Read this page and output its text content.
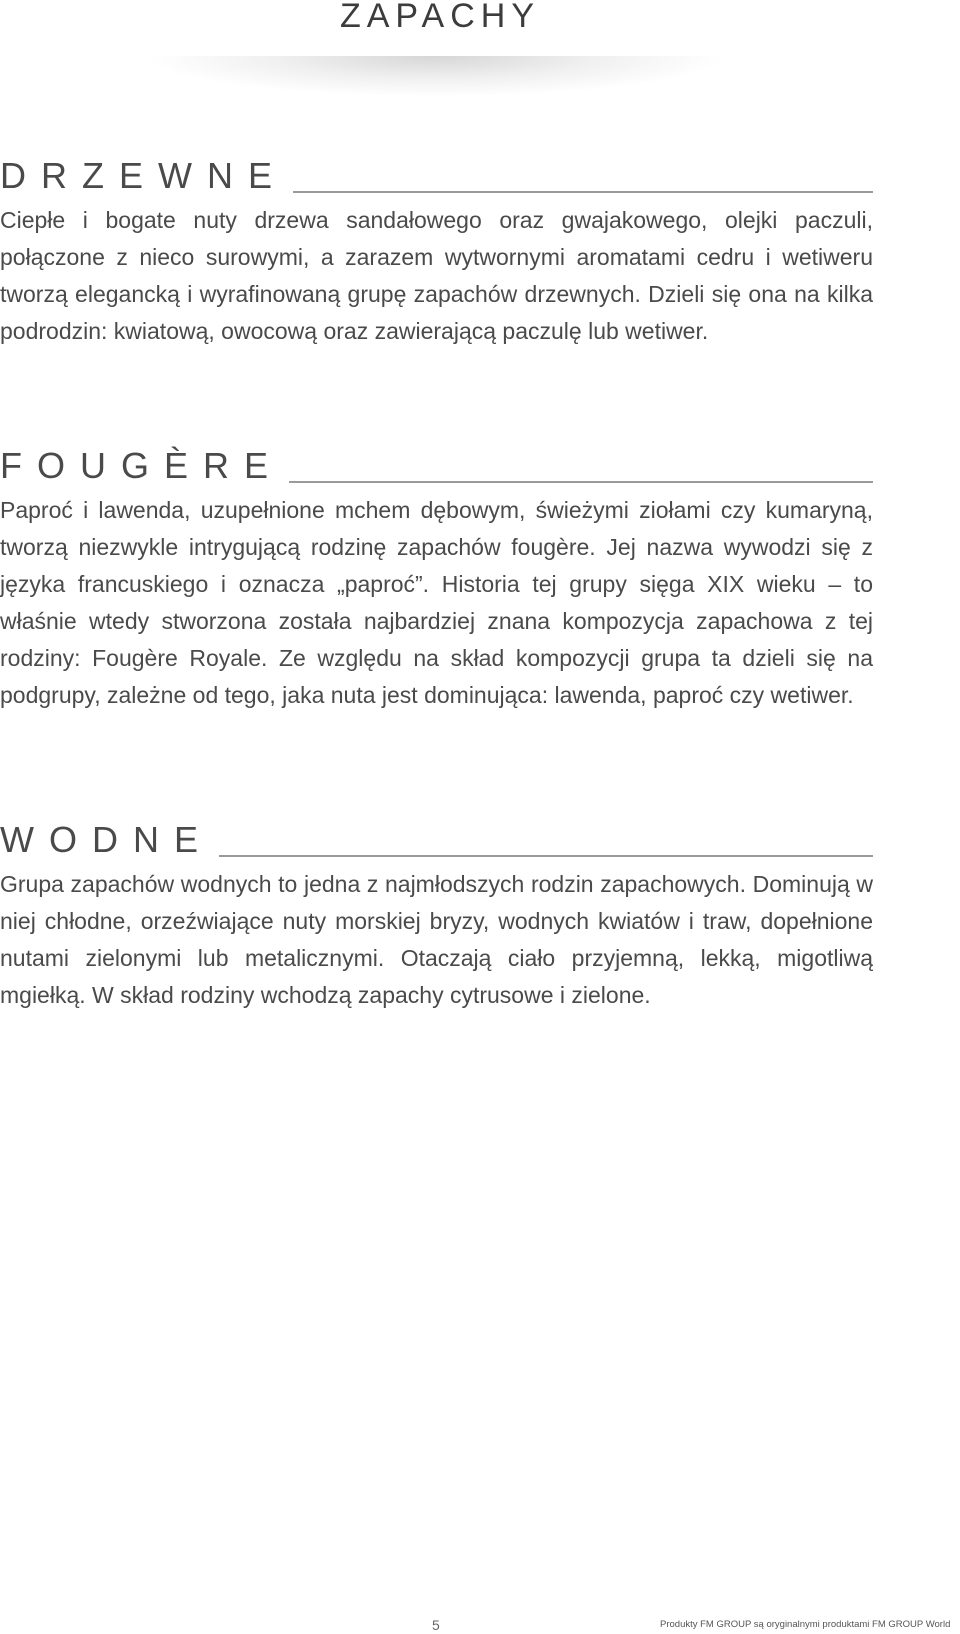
ZAPACHY
DRZEWNE

Ciepłe i bogate nuty drzewa sandałowego oraz gwajakowego, olejki paczuli, połączone z nieco surowymi, a zarazem wytwornymi aromatami cedru i wetiweru tworzą elegancką i wyrafinowaną grupę zapachów drzewnych. Dzieli się ona na kilka podrodzin: kwiatową, owocową oraz zawierającą paczulę lub wetiwer.

FOUGÈRE

Paproć i lawenda, uzupełnione mchem dębowym, świeżymi ziołami czy kumaryną, tworzą niezwykle intrygującą rodzinę zapachów fougère. Jej nazwa wywodzi się z języka francuskiego i oznacza „paproć”. Historia tej grupy sięga XIX wieku – to właśnie wtedy stworzona została najbardziej znana kompozycja zapachowa z tej rodziny: Fougère Royale. Ze względu na skład kompozycji grupa ta dzieli się na podgrupy, zależne od tego, jaka nuta jest dominująca: lawenda, paproć czy wetiwer.

WODNE

Grupa zapachów wodnych to jedna z najmłodszych rodzin zapachowych. Dominują w niej chłodne, orzeźwiające nuty morskiej bryzy, wodnych kwiatów i traw, dopełnione nutami zielonymi lub metalicznymi. Otaczają ciało przyjemną, lekką, migotliwą mgiełką. W skład rodziny wchodzą zapachy cytrusowe i zielone.

5	Produkty FM GROUP są oryginalnymi produktami FM GROUP World
